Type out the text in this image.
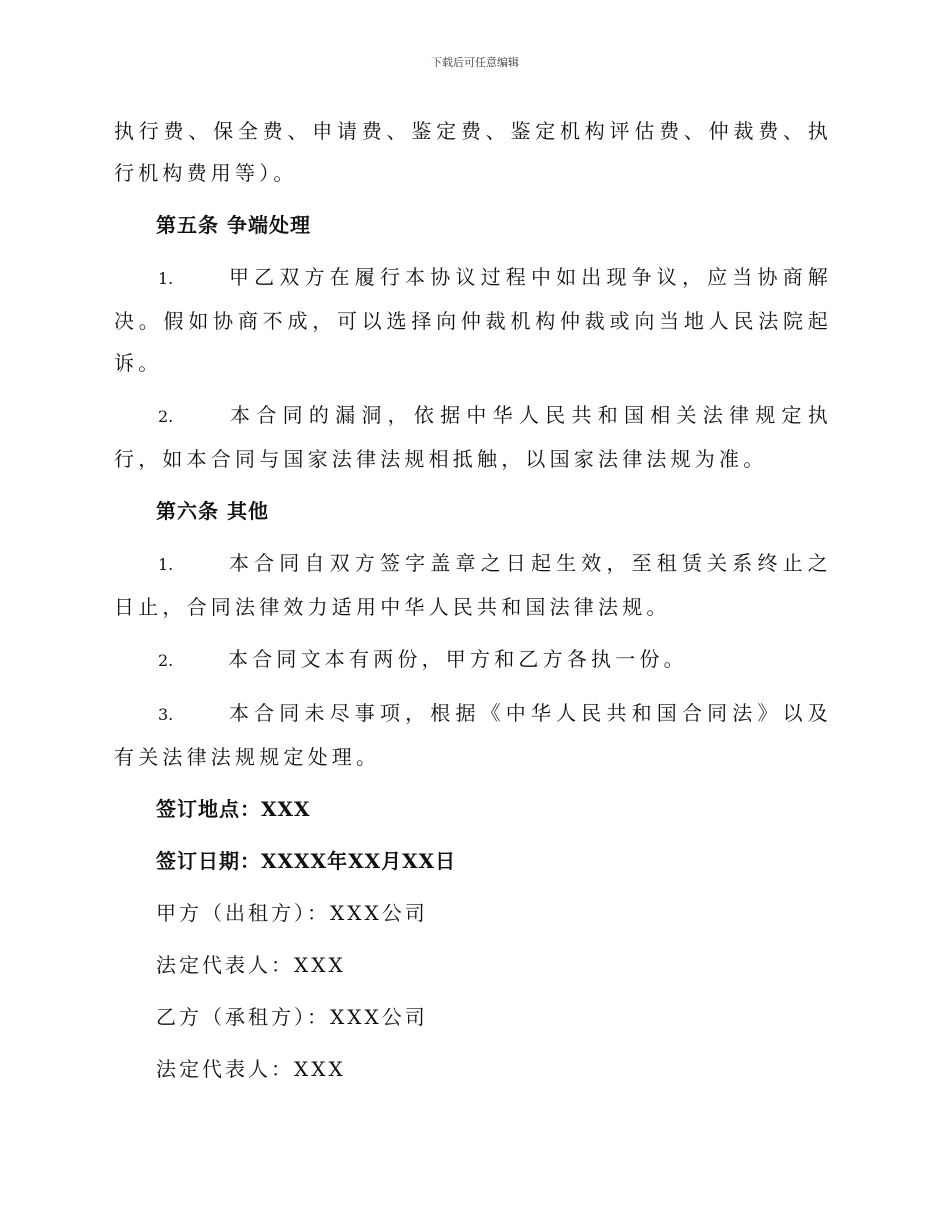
下载后可任意编辑

执行费、保全费、申请费、鉴定费、鉴定机构评估费、仲裁费、执行机构费用等）。

第五条 争端处理

1.	甲乙双方在履行本协议过程中如出现争议，应当协商解决。假如协商不成，可以选择向仲裁机构仲裁或向当地人民法院起诉。

2.	本合同的漏洞，依据中华人民共和国相关法律规定执行，如本合同与国家法律法规相抵触，以国家法律法规为准。

第六条 其他

1.	本合同自双方签字盖章之日起生效，至租赁关系终止之日止，合同法律效力适用中华人民共和国法律法规。

2.	本合同文本有两份，甲方和乙方各执一份。

3.	本合同未尽事项，根据《中华人民共和国合同法》以及有关法律法规规定处理。

签订地点：XXX

签订日期：XXXX年XX月XX日

甲方（出租方）：XXX公司

法定代表人：XXX

乙方（承租方）：XXX公司

法定代表人：XXX
